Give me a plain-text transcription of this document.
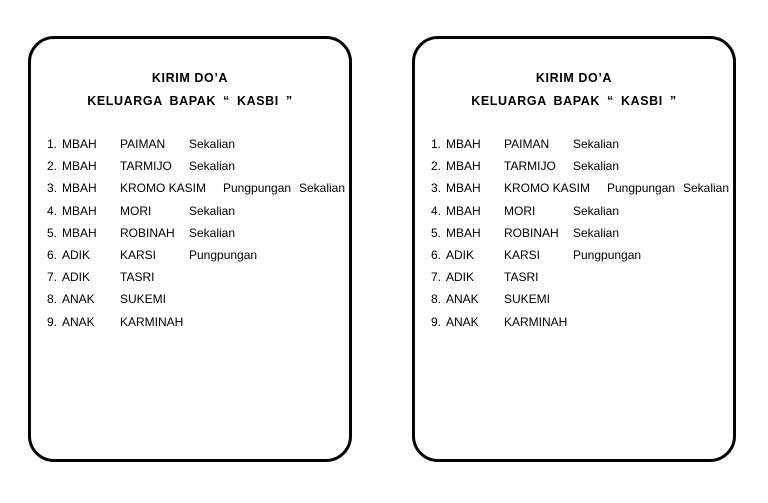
KIRIM DO’A
KELUARGA BAPAK “ KASBI ”
1. MBAH PAIMAN Sekalian
2. MBAH TARMIJO Sekalian
3. MBAH KROMO KASIM Pungpungan Sekalian
4. MBAH MORI	Sekalian
5. MBAH ROBINAH Sekalian
6. ADIK KARSI	Pungpungan
7. ADIK TASRI
8. ANAK SUKEMI
9. ANAK KARMINAH
KIRIM DO’A
KELUARGA BAPAK “ KASBI ”
1. MBAH PAIMAN Sekalian
2. MBAH TARMIJO Sekalian
3. MBAH KROMO KASIM Pungpungan Sekalian
4. MBAH MORI	Sekalian
5. MBAH ROBINAH Sekalian
6. ADIK KARSI	Pungpungan
7. ADIK TASRI
8. ANAK SUKEMI
9. ANAK KARMINAH
